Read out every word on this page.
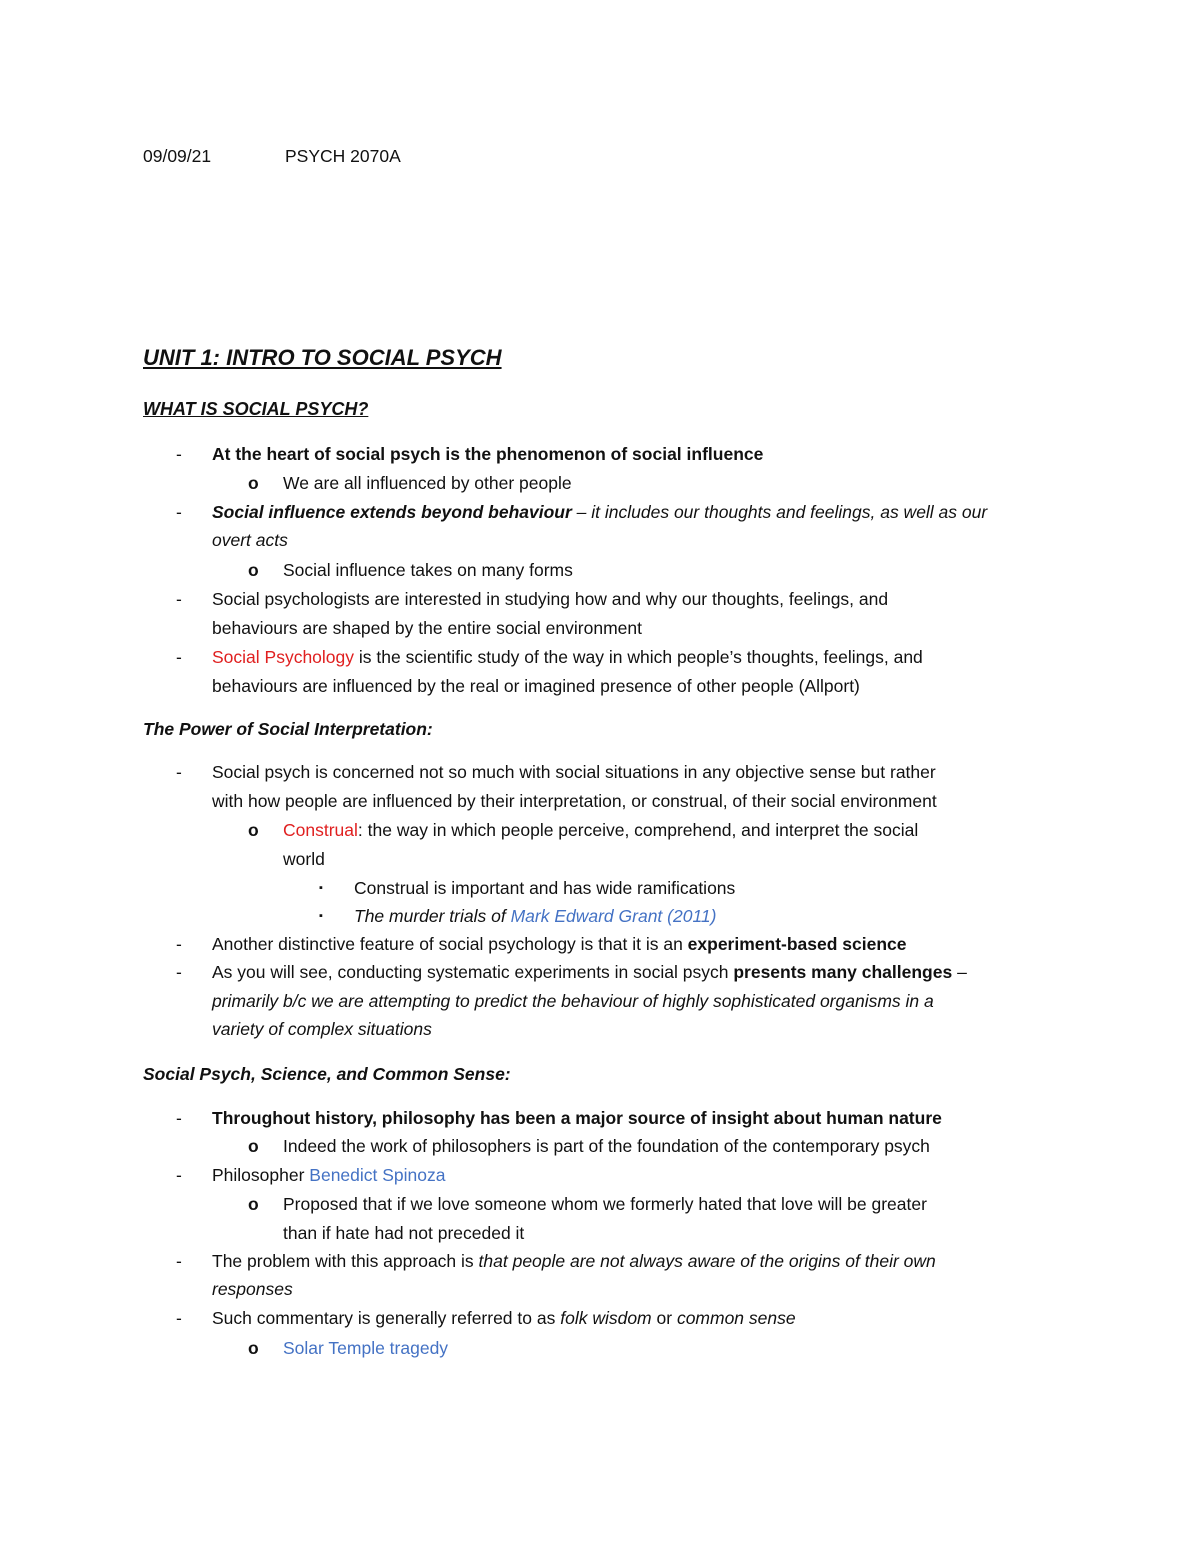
09/09/21	PSYCH 2070A
UNIT 1: INTRO TO SOCIAL PSYCH
WHAT IS SOCIAL PSYCH?
- At the heart of social psych is the phenomenon of social influence
o We are all influenced by other people
- Social influence extends beyond behaviour – it includes our thoughts and feelings, as well as our
overt acts
o Social influence takes on many forms
- Social psychologists are interested in studying how and why our thoughts, feelings, and
behaviours are shaped by the entire social environment
- Social Psychology is the scientific study of the way in which people’s thoughts, feelings, and
behaviours are influenced by the real or imagined presence of other people (Allport)
The Power of Social Interpretation:
- Social psych is concerned not so much with social situations in any objective sense but rather
with how people are influenced by their interpretation, or construal, of their social environment
o Construal: the way in which people perceive, comprehend, and interpret the social
world
▪ Construal is important and has wide ramifications
▪ The murder trials of Mark Edward Grant (2011)
- Another distinctive feature of social psychology is that it is an experiment-based science
- As you will see, conducting systematic experiments in social psych presents many challenges –
primarily b/c we are attempting to predict the behaviour of highly sophisticated organisms in a
variety of complex situations
Social Psych, Science, and Common Sense:
- Throughout history, philosophy has been a major source of insight about human nature
o Indeed the work of philosophers is part of the foundation of the contemporary psych
- Philosopher Benedict Spinoza
o Proposed that if we love someone whom we formerly hated that love will be greater
than if hate had not preceded it
- The problem with this approach is that people are not always aware of the origins of their own
responses
- Such commentary is generally referred to as folk wisdom or common sense
o Solar Temple tragedy
